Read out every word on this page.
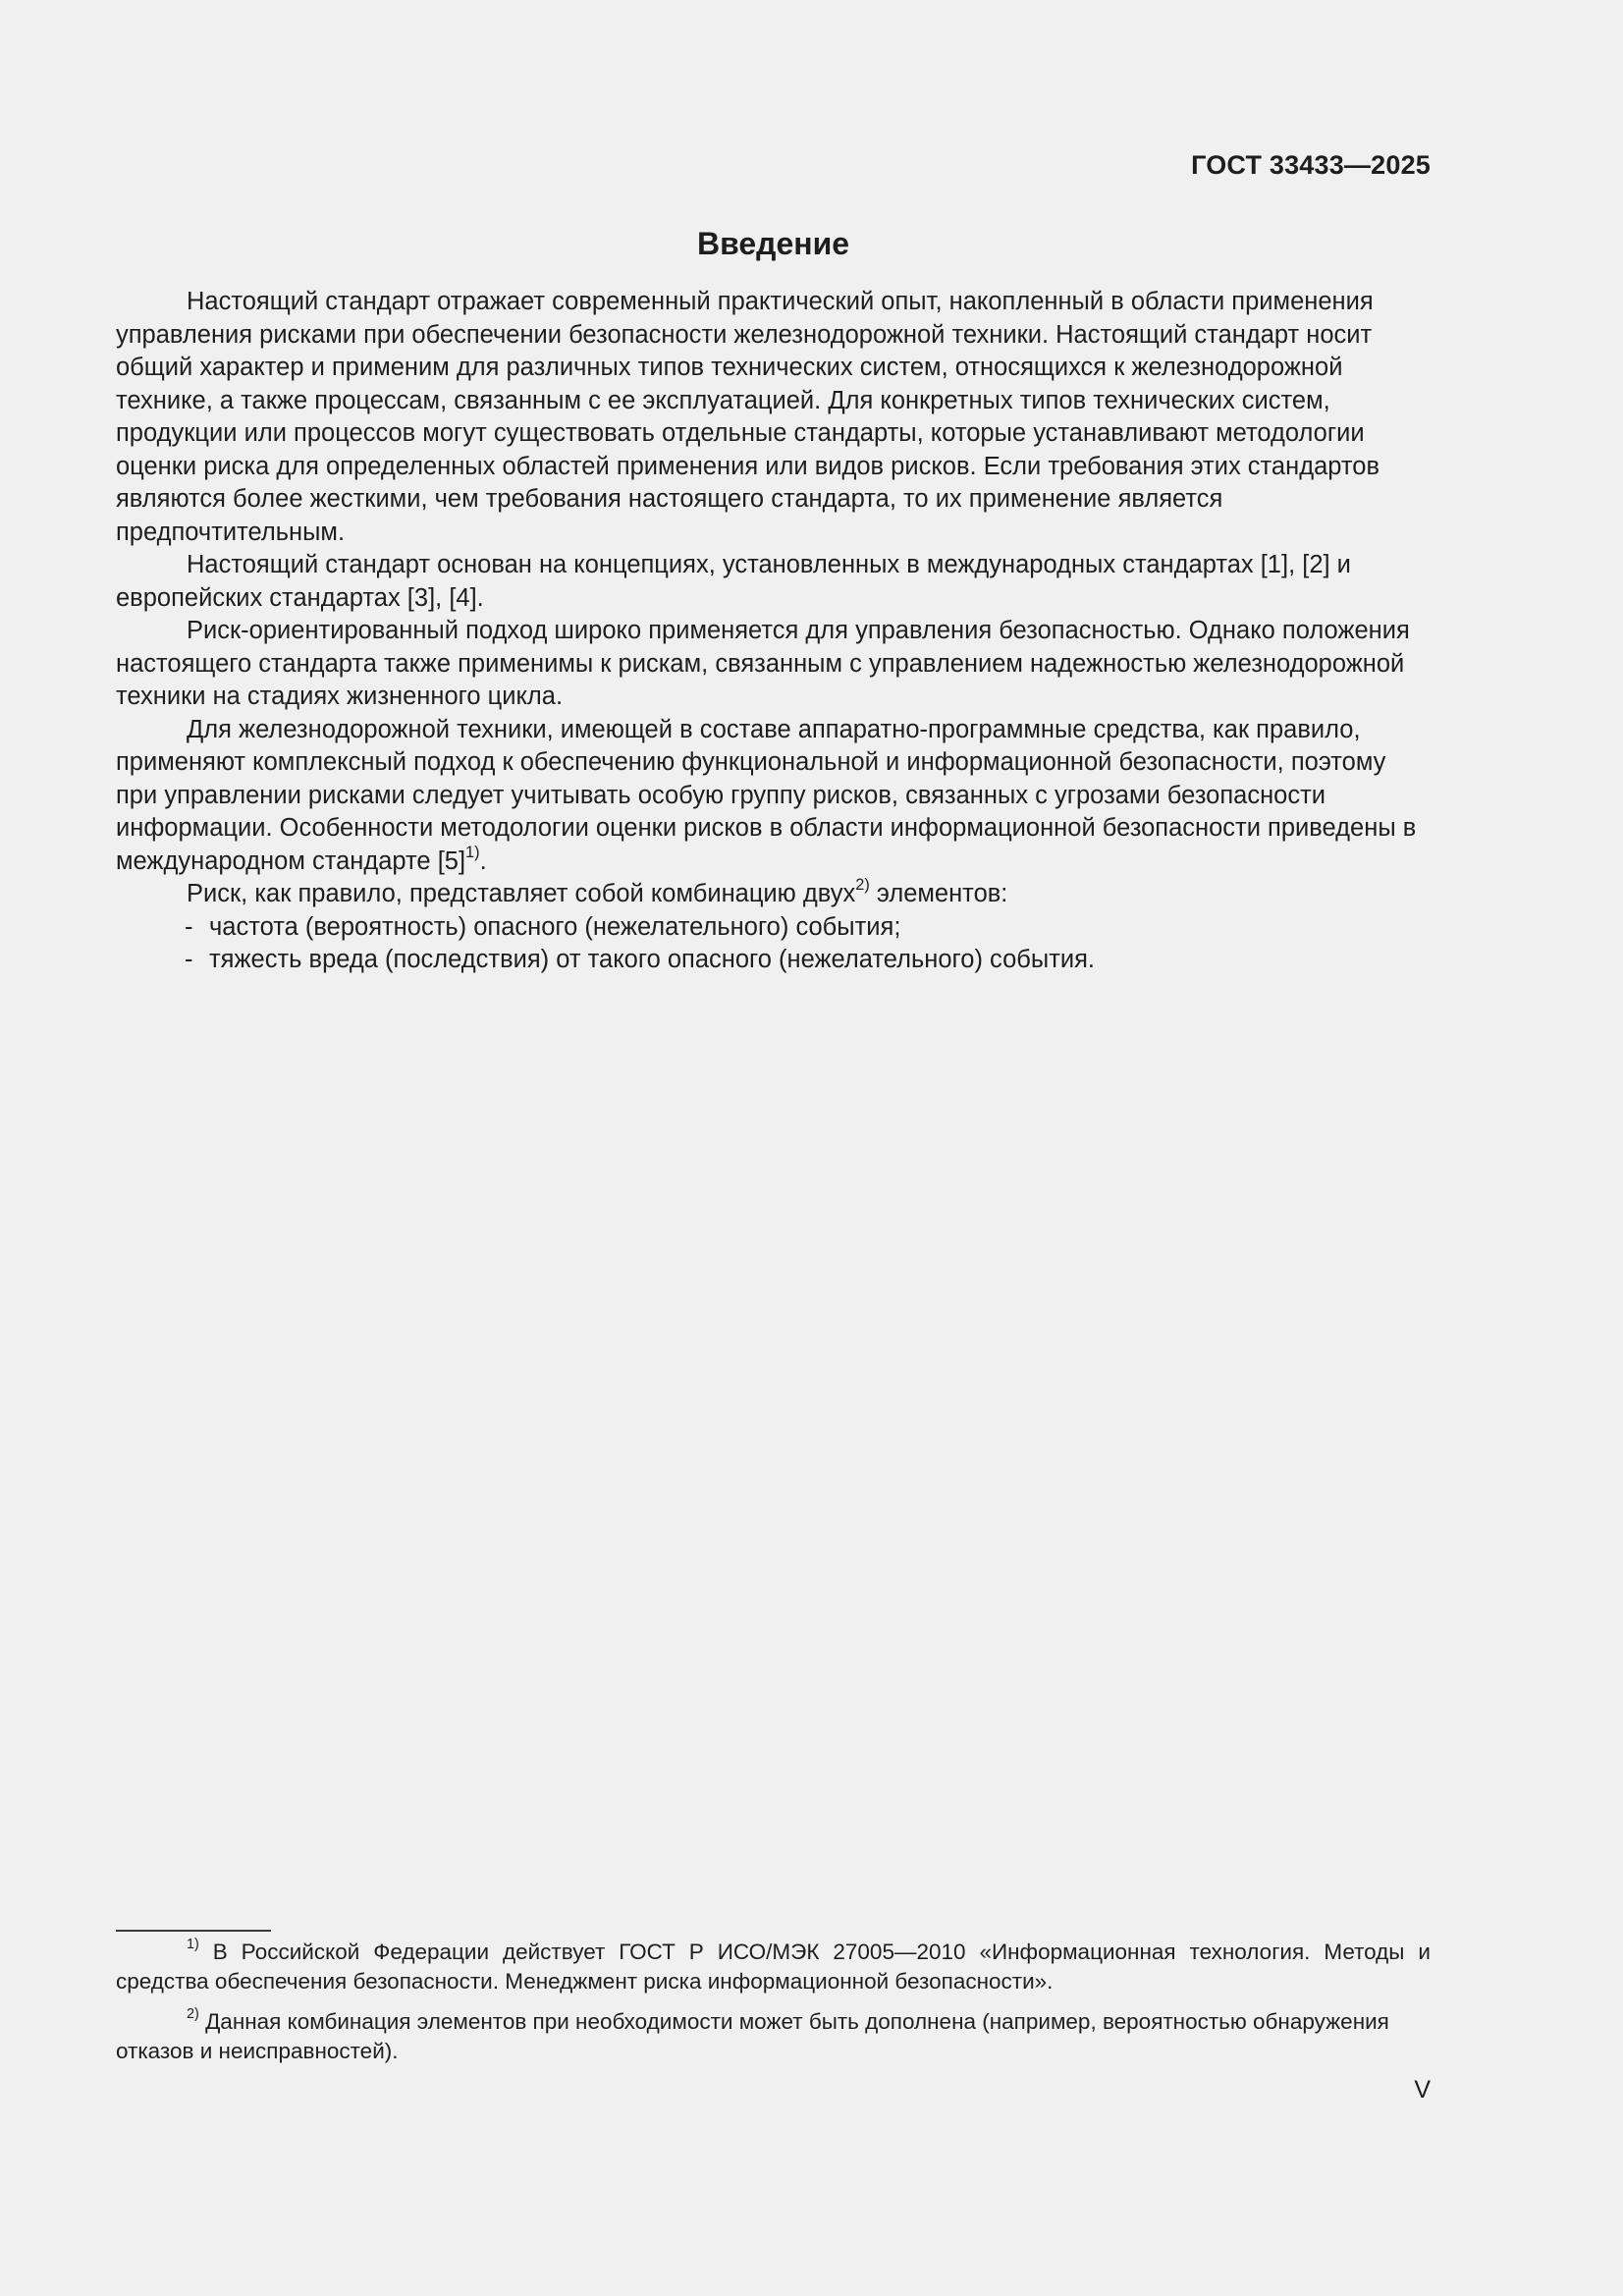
ГОСТ 33433—2025
Введение

Настоящий стандарт отражает современный практический опыт, накопленный в области применения управления рисками при обеспечении безопасности железнодорожной техники. Настоящий стандарт носит общий характер и применим для различных типов технических систем, относящихся к железнодорожной технике, а также процессам, связанным с ее эксплуатацией. Для конкретных типов технических систем, продукции или процессов могут существовать отдельные стандарты, которые устанавливают методологии оценки риска для определенных областей применения или видов рисков. Если требования этих стандартов являются более жесткими, чем требования настоящего стандарта, то их применение является предпочтительным.

Настоящий стандарт основан на концепциях, установленных в международных стандартах [1], [2] и европейских стандартах [3], [4].

Риск-ориентированный подход широко применяется для управления безопасностью. Однако положения настоящего стандарта также применимы к рискам, связанным с управлением надежностью железнодорожной техники на стадиях жизненного цикла.

Для железнодорожной техники, имеющей в составе аппаратно-программные средства, как правило, применяют комплексный подход к обеспечению функциональной и информационной безопасности, поэтому при управлении рисками следует учитывать особую группу рисков, связанных с угрозами безопасности информации. Особенности методологии оценки рисков в области информационной безопасности приведены в международном стандарте $[5]^{1)}$.

Риск, как правило, представляет собой комбинацию двух$^{2)}$ элементов:

- частота (вероятность) опасного (нежелательного) события;
- тяжесть вреда (последствия) от такого опасного (нежелательного) события.

$^{1)}$ В Российской Федерации действует ГОСТ Р ИСО/МЭК 27005—2010 «Информационная технология. Методы и средства обеспечения безопасности. Менеджмент риска информационной безопасности».

$^{2)}$ Данная комбинация элементов при необходимости может быть дополнена (например, вероятностью обнаружения отказов и неисправностей).

V
